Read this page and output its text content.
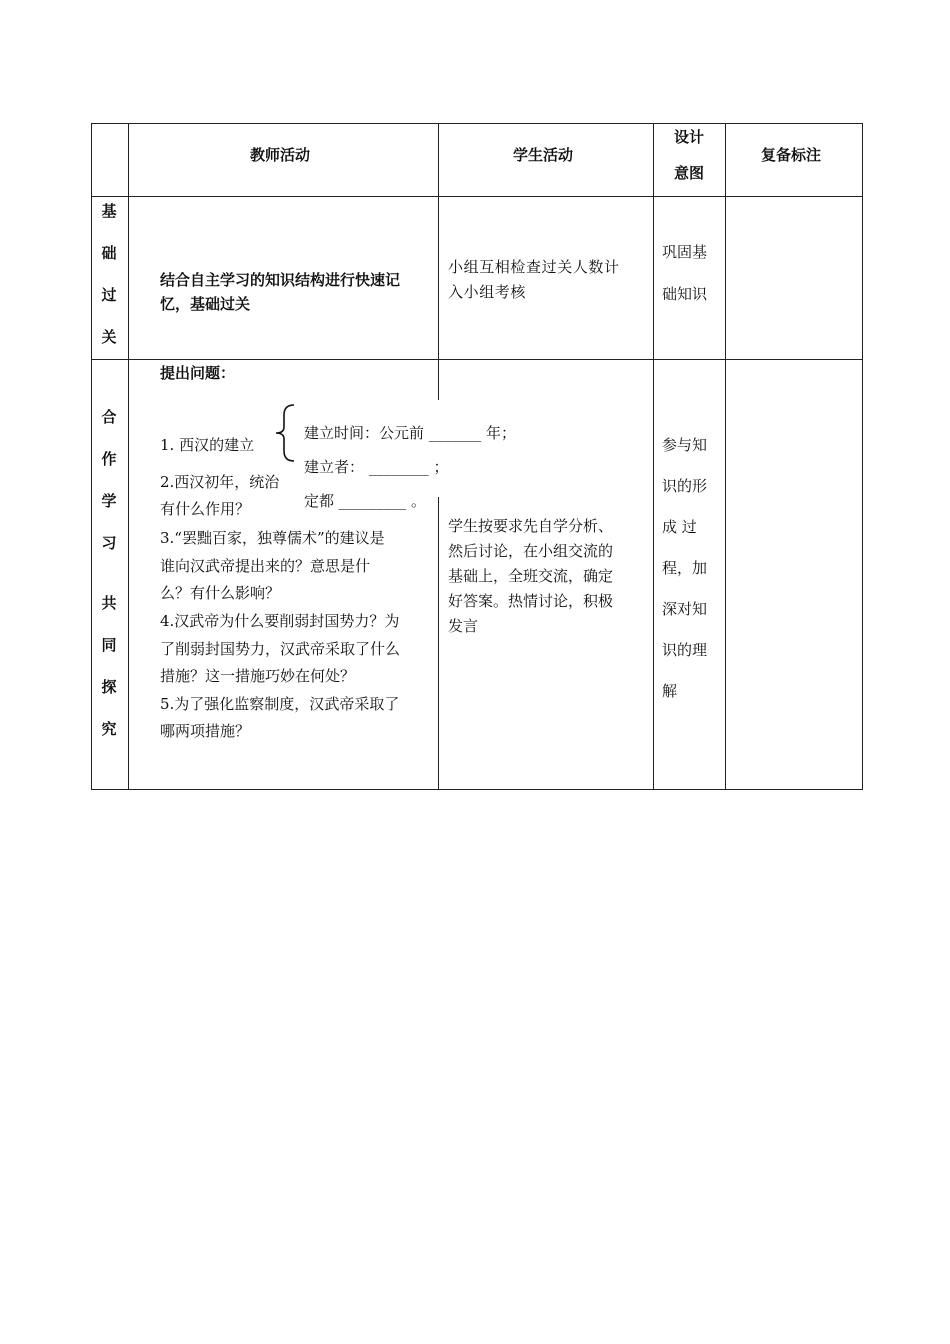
教师活动	学生活动
设计
意图
复备标注
基
础
过
关
结合自主学习的知识结构进行快速记
忆，基础过关
小组互相检查过关人数计
入小组考核
巩固基
础知识
合
作
学
习
共
同
探
究
提出问题：
1. 西汉的建立
建立时间：公元前 _______ 年；
建立者： ________ ；
定都 _________ 。
2.西汉初年，统治
有什么作用？
3.“罢黜百家，独尊儒术”的建议是
谁向汉武帝提出来的？意思是什
么？有什么影响？
4.汉武帝为什么要削弱封国势力？为
了削弱封国势力，汉武帝采取了什么
措施？这一措施巧妙在何处？
5.为了强化监察制度，汉武帝采取了
哪两项措施？
学生按要求先自学分析、
然后讨论，在小组交流的
基础上，全班交流，确定
好答案。热情讨论，积极
发言
参与知
识的形
成 过
程，加
深对知
识的理
解
